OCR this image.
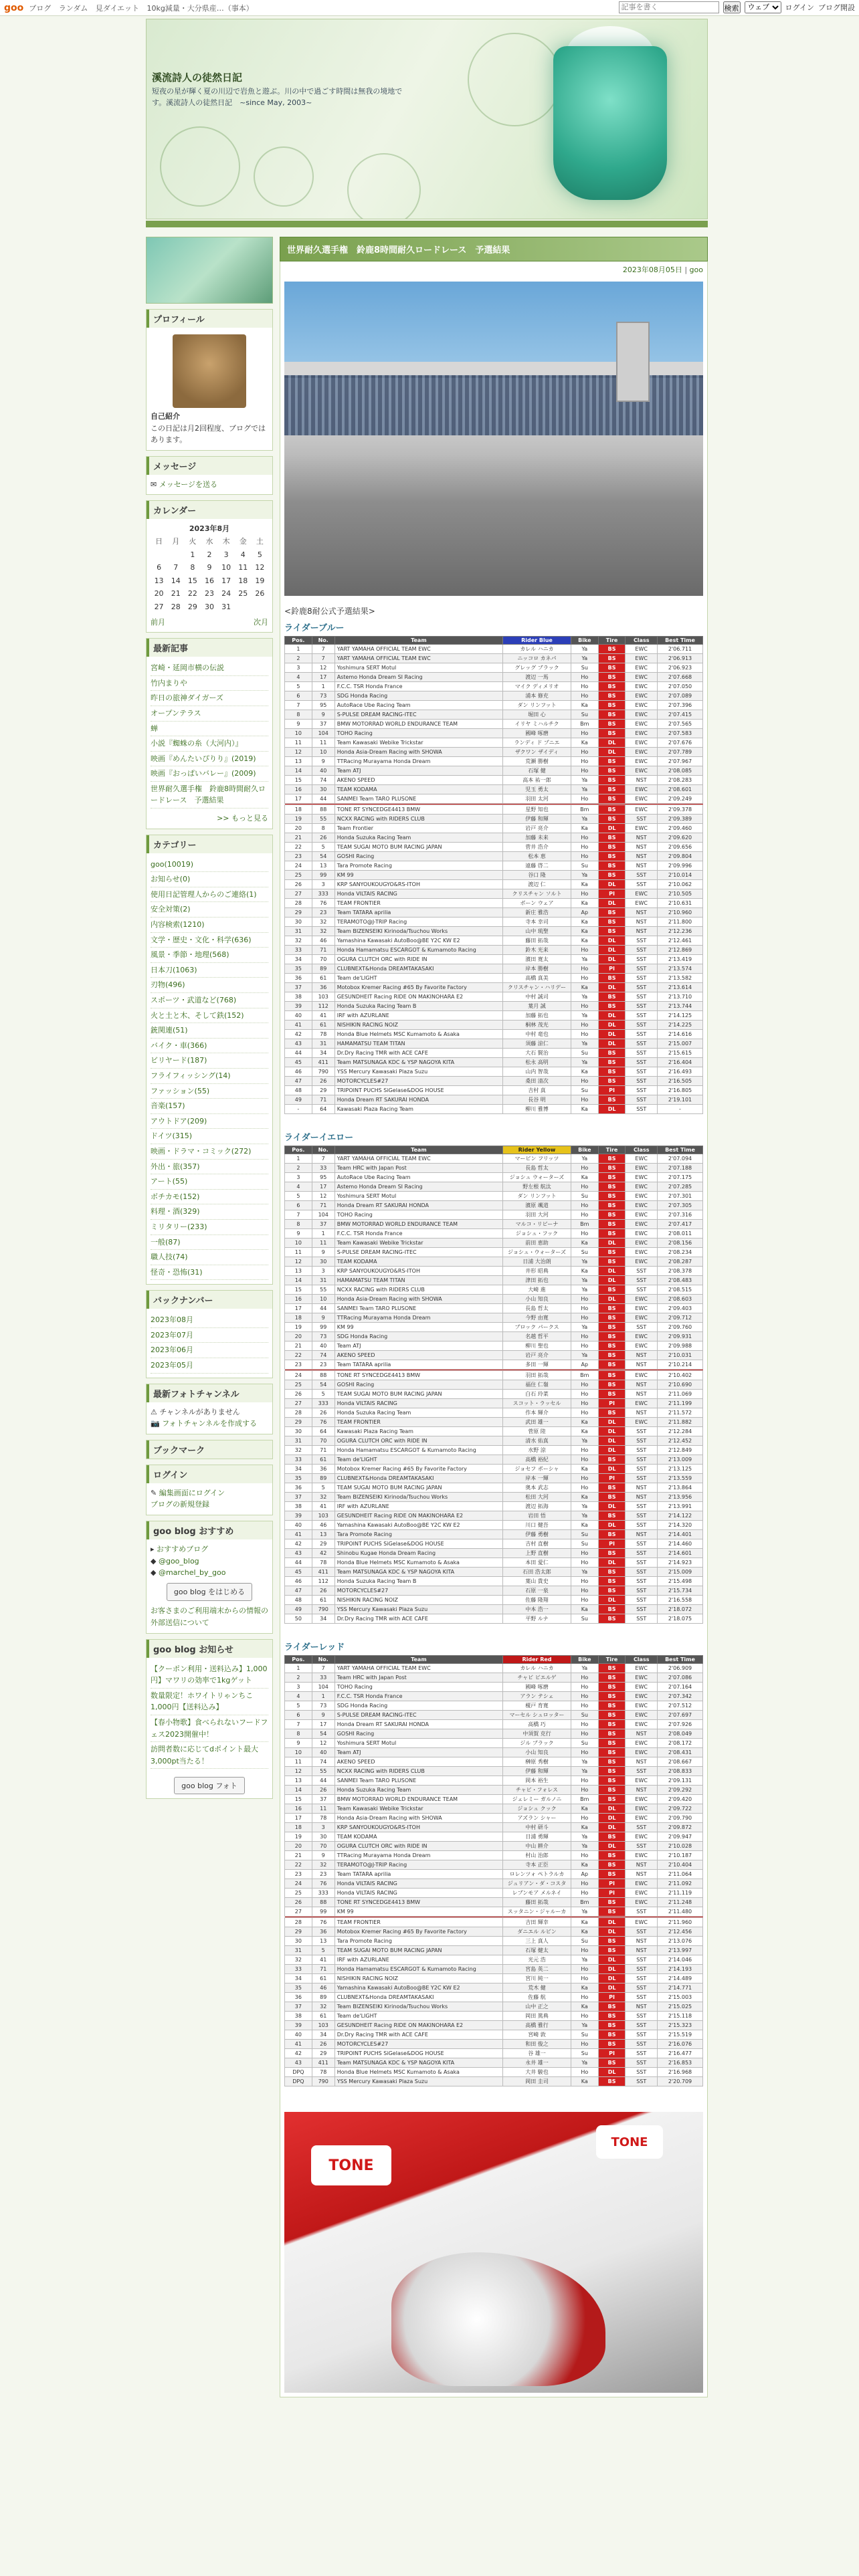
goo ブログ ランダム 見ダイエット 10kg減量・大分県産…（事本）
記事を書く	検索
ウェブ	ログイン ブログ開設
溪流詩人の徒然日記
短夜の星が輝く夏の川辺で岩魚と遊ぶ。川の中で過ごす時間は無我の境地です。溪流詩人の徒然日記　~since May, 2003~
プロフィール
自己紹介
この日記は月2回程度、ブログではあります。
メッセージ
✉ メッセージを送る
カレンダー
2023年8月
日	月	火	水	木	金	土
		1	2	3	4	5
6	7	8	9	10	11	12
13	14	15	16	17	18	19
20	21	22	23	24	25	26
27	28	29	30	31		
前月	次月
最新記事
宮崎・延岡市横の伝説
竹内まりや
昨日の旅神ダイガーズ
オープンテラス
蝉
小説『蜘蛛の糸（大河内）』
映画『めんたいぴりり』(2019)
映画『おっぱいバレー』(2009)
世界耐久選手権　鈴鹿8時間耐久ロードレース　予選結果
>> もっと見る
カテゴリー
goo(10019)
お知らせ(0)
使用日記管理人からのご連絡(1)
安全対策(2)
内容検索(1210)
文学・歴史・文化・科学(636)
風景・季節・地理(568)
日本刀(1063)
刃物(496)
スポーツ・武道など(768)
火と土と木、そして鉄(152)
銃関連(51)
バイク・車(366)
ビリヤード(187)
フライフィッシング(14)
ファッション(55)
音楽(157)
アウトドア(209)
ドイツ(315)
映画・ドラマ・コミック(272)
外出・旅(357)
アート(55)
ボチカモ(152)
料理・酒(329)
ミリタリー(233)
一般(87)
職人技(74)
怪奇・恐怖(31)
バックナンバー
2023年08月
2023年07月
2023年06月
2023年05月
最新フォトチャンネル
⚠ チャンネルがありません
📷 フォトチャンネルを作成する
ブックマーク
ログイン
✎ 編集画面にログイン
ブログの新規登録
goo blog おすすめ
▸ おすすめブログ
◆ @goo_blog
◆ @marchel_by_goo
goo blog をはじめる
お客さまのご利用端末からの情報の外部送信について
goo blog お知らせ
【クーポン利用・送料込み】1,000円】マワリの効率で1kgゲット
数量限定！ホワイトリゃンちこ1,000円【送料込み】
【春小物歌】食べられないフードフェス2023開催中！
訪問者数に応じてdポイント最大3,000pt当たる！
goo blog フォト
世界耐久選手権　鈴鹿8時間耐久ロードレース　予選結果
2023年08月05日 | goo
<鈴鹿8耐公式予選結果>
ライダーブルー
Pos.	No.	Team	Rider Blue	Bike	Tire	Class	Best Time
1	7	YART YAMAHA OFFICIAL TEAM EWC	カレル ハニカ	Ya	BS	EWC	2'06.711
2	7	YART YAMAHA OFFICIAL TEAM EWC	ニッコロ カネパ	Ya	BS	EWC	2'06.913
3	12	Yoshimura SERT Motul	グレッグ ブラック	Su	BS	EWC	2'06.923
4	17	Astemo Honda Dream SI Racing	渡辺 一馬	Ho	BS	EWC	2'07.668
5	1	F.C.C. TSR Honda France	マイク ディメリオ	Ho	BS	EWC	2'07.050
6	73	SDG Honda Racing	浦本 修充	Ho	BS	EWC	2'07.089
7	95	AutoRace Ube Racing Team	ダン リンフット	Ka	BS	EWC	2'07.396
8	9	S-PULSE DREAM RACING-ITEC	堀田 心	Su	BS	EWC	2'07.415
9	37	BMW MOTORRAD WORLD ENDURANCE TEAM	イリヤ ミハルチク	Bm	BS	EWC	2'07.565
10	104	TOHO Racing	國峰 啄磨	Ho	BS	EWC	2'07.583
11	11	Team Kawasaki Webike Trickstar	ランディ ド プニエ	Ka	DL	EWC	2'07.676
12	10	Honda Asia-Dream Racing with SHOWA	ザクワン ザイディ	Ho	DL	EWC	2'07.789
13	9	TTRacing Murayama Honda Dream	荒瀬 勝樹	Ho	BS	EWC	2'07.967
14	40	Team ATJ	石塚 健	Ho	BS	EWC	2'08.085
15	74	AKENO SPEED	高本 祐一郎	Ya	BS	NST	2'08.283
16	30	TEAM KODAMA	児玉 勇太	Ya	BS	EWC	2'08.601
17	44	SANMEI Team TARO PLUSONE	羽田 太河	Ho	BS	EWC	2'09.249

18	88	TONE RT SYNCEDGE4413 BMW	星野 知也	Bm	BS	EWC	2'09.378
19	55	NCXX RACING with RIDERS CLUB	伊藤 和輝	Ya	BS	SST	2'09.389
20	8	Team Frontier	岩戸 亮介	Ka	DL	EWC	2'09.460
21	26	Honda Suzuka Racing Team	加藤 未来	Ho	BS	NST	2'09.620
22	5	TEAM SUGAI MOTO BUM RACING JAPAN	菅井 浩介	Ho	BS	NST	2'09.656
23	54	GOSHI Racing	松本 恵	Ho	BS	NST	2'09.804
24	13	Tara Promote Racing	遠藤 啓二	Su	BS	NST	2'09.996
25	99	KM 99	谷口 隆	Ya	BS	SST	2'10.014
26	3	KRP SANYOUKOUGYO&RS-ITOH	渡辺 仁	Ka	DL	SST	2'10.062
27	333	Honda VILTAIS RACING	クリスチャン ソルト	Ho	PI	EWC	2'10.505
28	76	TEAM FRONTIER	ボーン ウェア	Ka	DL	EWC	2'10.631
29	23	Team TATARA aprilia	新庄 雅浩	Ap	BS	NST	2'10.960
30	32	TERAMOTO@J-TRIP Racing	寺本 幸司	Ka	BS	NST	2'11.800
31	32	Team BIZENSEIKI Kirinoda/Tsuchou Works	山中 琉聖	Ka	BS	NST	2'12.236
32	46	Yamashina Kawasaki AutoBoo@BE Y2C KW E2	藤田 拓哉	Ka	DL	SST	2'12.461
33	71	Honda Hamamatsu ESCARGOT & Kumamoto Racing	鈴木 光来	Ho	DL	SST	2'12.869
34	70	OGURA CLUTCH ORC with RIDE IN	濱田 寛太	Ya	DL	SST	2'13.419
35	89	CLUBNEXT&Honda DREAMTAKASAKI	岸本 勝樹	Ho	PI	SST	2'13.574
36	61	Team de'LIGHT	高橋 真美	Ho	BS	SST	2'13.582
37	36	Motobox Kremer Racing #65 By Favorite Factory	クリスチャン・ハリデー	Ka	DL	SST	2'13.614
38	103	GESUNDHEIT Racing RIDE ON MAKINOHARA E2	中村 誠司	Ya	BS	SST	2'13.710
39	112	Honda Suzuka Racing Team B	葉月 誠	Ho	BS	SST	2'13.744
40	41	IRF with AZURLANE	加藤 拓也	Ya	DL	SST	2'14.125
41	61	NISHIKIN RACING NOIZ	桐林 茂光	Ho	DL	SST	2'14.225
42	78	Honda Blue Helmets MSC Kumamoto & Asaka	中村 竜也	Ho	DL	SST	2'14.616
43	31	HAMAMATSU TEAM TITAN	須藤 涼仁	Ya	DL	SST	2'15.007
44	34	Dr.Dry Racing TMR with ACE CAFE	大石 賢治	Su	BS	SST	2'15.615
45	411	Team MATSUNAGA KDC & YSP NAGOYA KITA	松永 高明	Ya	BS	SST	2'16.404
46	790	YSS Mercury Kawasaki Plaza Suzu	山内 智哉	Ka	BS	SST	2'16.493
47	26	MOTORCYCLES#27	桑田 清次	Ho	BS	SST	2'16.505
48	29	TRIPOINT PUCHS SiGelase&DOG HOUSE	吉村 真	Su	PI	SST	2'16.805
49	71	Honda Dream RT SAKURAI HONDA	長谷 明	Ho	BS	SST	2'19.101
-	64	Kawasaki Plaza Racing Team	柳川 雅博	Ka	DL	SST	-
ライダーイエロー
Pos.	No.	Team	Rider Yellow	Bike	Tire	Class	Best Time
1	7	YART YAMAHA OFFICIAL TEAM EWC	マービン フリッツ	Ya	BS	EWC	2'07.094
2	33	Team HRC with Japan Post	長島 哲太	Ho	BS	EWC	2'07.188
3	95	AutoRace Ube Racing Team	ジョシュ ウォーターズ	Ka	BS	EWC	2'07.175
4	17	Astemo Honda Dream SI Racing	野左根 航汰	Ho	BS	EWC	2'07.285
5	12	Yoshimura SERT Motul	ダン リンフット	Su	BS	EWC	2'07.301
6	71	Honda Dream RT SAKURAI HONDA	濱原 颯道	Ho	BS	EWC	2'07.305
7	104	TOHO Racing	羽田 大河	Ho	BS	EWC	2'07.316
8	37	BMW MOTORRAD WORLD ENDURANCE TEAM	マルコ・リビーナ	Bm	BS	EWC	2'07.417
9	1	F.C.C. TSR Honda France	ジョシュ・フック	Ho	BS	EWC	2'08.011
10	11	Team Kawasaki Webike Trickstar	前田 恵助	Ka	DL	EWC	2'08.156
11	9	S-PULSE DREAM RACING-ITEC	ジョシュ・ウォーターズ	Su	BS	EWC	2'08.234
12	30	TEAM KODAMA	日浦 大治朗	Ya	BS	EWC	2'08.287
13	3	KRP SANYOUKOUGYO&RS-ITOH	井形 昭典	Ka	DL	SST	2'08.378
14	31	HAMAMATSU TEAM TITAN	津田 拓也	Ya	DL	SST	2'08.483
15	55	NCXX RACING with RIDERS CLUB	大崎 進	Ya	BS	SST	2'08.515
16	10	Honda Asia-Dream Racing with SHOWA	小山 知良	Ho	DL	EWC	2'08.603
17	44	SANMEI Team TARO PLUSONE	長島 哲太	Ho	BS	EWC	2'09.403
18	9	TTRacing Murayama Honda Dream	今野 由寛	Ho	BS	EWC	2'09.712
19	99	KM 99	ブロック パークス	Ya	BS	SST	2'09.760
20	73	SDG Honda Racing	名越 哲平	Ho	BS	EWC	2'09.931
21	40	Team ATJ	柳川 聖也	Ho	BS	EWC	2'09.988
22	74	AKENO SPEED	岩戸 亮介	Ya	BS	NST	2'10.031
23	23	Team TATARA aprilia	多田 一輝	Ap	BS	NST	2'10.214

24	88	TONE RT SYNCEDGE4413 BMW	羽田 拓哉	Bm	BS	EWC	2'10.402
25	54	GOSHI Racing	福住 仁嶺	Ho	BS	NST	2'10.690
26	5	TEAM SUGAI MOTO BUM RACING JAPAN	白石 玲菜	Ho	BS	NST	2'11.069
27	333	Honda VILTAIS RACING	スコット・ラッセル	Ho	PI	EWC	2'11.199
28	26	Honda Suzuka Racing Team	作本 輝介	Ho	BS	NST	2'11.572
29	76	TEAM FRONTIER	武田 雄一	Ka	DL	EWC	2'11.882
30	64	Kawasaki Plaza Racing Team	菅原 陸	Ka	DL	SST	2'12.284
31	70	OGURA CLUTCH ORC with RIDE IN	清水 佑真	Ya	DL	SST	2'12.452
32	71	Honda Hamamatsu ESCARGOT & Kumamoto Racing	水野 涼	Ho	DL	SST	2'12.849
33	61	Team de'LIGHT	高橋 裕紀	Ho	BS	SST	2'13.009
34	36	Motobox Kremer Racing #65 By Favorite Factory	ジョセフ ポーシャ	Ka	DL	SST	2'13.125
35	89	CLUBNEXT&Honda DREAMTAKASAKI	岸本 一輝	Ho	PI	SST	2'13.559
36	5	TEAM SUGAI MOTO BUM RACING JAPAN	奥本 武志	Ho	BS	NST	2'13.864
37	32	Team BIZENSEIKI Kirinoda/Tsuchou Works	松田 大河	Ka	BS	NST	2'13.956
38	41	IRF with AZURLANE	渡辺 拓海	Ya	DL	SST	2'13.991
39	103	GESUNDHEIT Racing RIDE ON MAKINOHARA E2	岩田 悟	Ya	BS	SST	2'14.122
40	46	Yamashina Kawasaki AutoBoo@BE Y2C KW E2	川口 健吾	Ka	DL	SST	2'14.320
41	13	Tara Promote Racing	伊藤 勇樹	Su	BS	NST	2'14.401
42	29	TRIPOINT PUCHS SiGelase&DOG HOUSE	吉村 直樹	Su	PI	SST	2'14.460
43	42	Shinobu Kugae Honda Dream Racing	上野 直樹	Ho	BS	SST	2'14.601
44	78	Honda Blue Helmets MSC Kumamoto & Asaka	本田 愛仁	Ho	DL	SST	2'14.923
45	411	Team MATSUNAGA KDC & YSP NAGOYA KITA	石田 浩太郎	Ya	BS	SST	2'15.009
46	112	Honda Suzuka Racing Team B	葉山 貴史	Ho	BS	SST	2'15.498
47	26	MOTORCYCLES#27	石原 一泉	Ho	BS	SST	2'15.734
48	61	NISHIKIN RACING NOIZ	佐藤 隆翔	Ho	DL	SST	2'16.558
49	790	YSS Mercury Kawasaki Plaza Suzu	中本 浩一	Ka	BS	SST	2'18.072
50	34	Dr.Dry Racing TMR with ACE CAFE	平野 ルナ	Su	BS	SST	2'18.075
ライダーレッド
Pos.	No.	Team	Rider Red	Bike	Tire	Class	Best Time
1	7	YART YAMAHA OFFICIAL TEAM EWC	カレル ハニカ	Ya	BS	EWC	2'06.909
2	33	Team HRC with Japan Post	チャビ ビエルゲ	Ho	BS	EWC	2'07.086
3	104	TOHO Racing	國峰 啄磨	Ho	BS	EWC	2'07.164
4	1	F.C.C. TSR Honda France	アラン テシェ	Ho	BS	EWC	2'07.342
5	73	SDG Honda Racing	榎戸 育寛	Ho	BS	EWC	2'07.512
6	9	S-PULSE DREAM RACING-ITEC	マーセル シュロッター	Su	BS	EWC	2'07.697
7	17	Honda Dream RT SAKURAI HONDA	高橋 巧	Ho	BS	EWC	2'07.926
8	54	GOSHI Racing	中須賀 克行	Ho	BS	NST	2'08.049
9	12	Yoshimura SERT Motul	ジル ブラック	Su	BS	EWC	2'08.172
10	40	Team ATJ	小山 知良	Ho	BS	EWC	2'08.431
11	74	AKENO SPEED	榊原 秀樹	Ya	BS	NST	2'08.667
12	55	NCXX RACING with RIDERS CLUB	伊藤 和輝	Ya	BS	SST	2'08.833
13	44	SANMEI Team TARO PLUSONE	岡本 裕生	Ho	BS	EWC	2'09.131
14	26	Honda Suzuka Racing Team	チャビ・フォレス	Ho	BS	NST	2'09.292
15	37	BMW MOTORRAD WORLD ENDURANCE TEAM	ジェレミー ガルノニ	Bm	BS	EWC	2'09.420
16	11	Team Kawasaki Webike Trickstar	ジョシュ クック	Ka	DL	EWC	2'09.722
17	78	Honda Asia-Dream Racing with SHOWA	アズラン シャー	Ho	DL	EWC	2'09.790
18	3	KRP SANYOUKOUGYO&RS-ITOH	中村 研斗	Ka	DL	SST	2'09.872
19	30	TEAM KODAMA	日浦 勇輝	Ya	BS	EWC	2'09.947
20	70	OGURA CLUTCH ORC with RIDE IN	中山 耕介	Ya	DL	SST	2'10.028
21	9	TTRacing Murayama Honda Dream	村山 治郎	Ho	BS	EWC	2'10.187
22	32	TERAMOTO@J-TRIP Racing	寺本 正臣	Ka	BS	NST	2'10.404
23	23	Team TATARA aprilia	ロレンツォ ペトラルカ	Ap	BS	NST	2'11.064
24	76	Honda VILTAIS RACING	ジュリアン・ダ・コスタ	Ho	PI	EWC	2'11.092
25	333	Honda VILTAIS RACING	レブンモア メルネイ	Ho	PI	EWC	2'11.119
26	88	TONE RT SYNCEDGE4413 BMW	藤田 拓哉	Bm	BS	EWC	2'11.248
27	99	KM 99	スッタニン・ジャルーカ	Ya	BS	SST	2'11.480

28	76	TEAM FRONTIER	吉田 輝幸	Ka	DL	EWC	2'11.960
29	36	Motobox Kremer Racing #65 By Favorite Factory	ダニエル ルビン	Ka	DL	SST	2'12.456
30	13	Tara Promote Racing	三上 真人	Su	BS	NST	2'13.076
31	5	TEAM SUGAI MOTO BUM RACING JAPAN	石塚 健太	Ho	BS	NST	2'13.997
32	41	IRF with AZURLANE	光元 浩	Ya	DL	SST	2'14.046
33	71	Honda Hamamatsu ESCARGOT & Kumamoto Racing	宮島 英二	Ho	DL	SST	2'14.193
34	61	NISHIKIN RACING NOIZ	宮川 純一	Ho	DL	SST	2'14.489
35	46	Yamashina Kawasaki AutoBoo@BE Y2C KW E2	荒木 健	Ka	DL	SST	2'14.771
36	89	CLUBNEXT&Honda DREAMTAKASAKI	佐藤 航	Ho	PI	SST	2'15.003
37	32	Team BIZENSEIKI Kirinoda/Tsuchou Works	山中 正之	Ka	BS	NST	2'15.025
38	61	Team de'LIGHT	岡田 篤典	Ho	BS	SST	2'15.118
39	103	GESUNDHEIT Racing RIDE ON MAKINOHARA E2	高橋 雅行	Ya	BS	SST	2'15.323
40	34	Dr.Dry Racing TMR with ACE CAFE	宮崎 敦	Su	BS	SST	2'15.519
41	26	MOTORCYCLES#27	和田 俊之	Ho	BS	SST	2'16.076
42	29	TRIPOINT PUCHS SiGelase&DOG HOUSE	谷 雄一	Su	PI	SST	2'16.477
43	411	Team MATSUNAGA KDC & YSP NAGOYA KITA	永井 雄一	Ya	BS	SST	2'16.853
DPQ	78	Honda Blue Helmets MSC Kumamoto & Asaka	大井 駿也	Ho	DL	SST	2'16.968
DPQ	790	YSS Mercury Kawasaki Plaza Suzu	岡田 圭司	Ka	BS	SST	2'20.709
TONE
TONE
